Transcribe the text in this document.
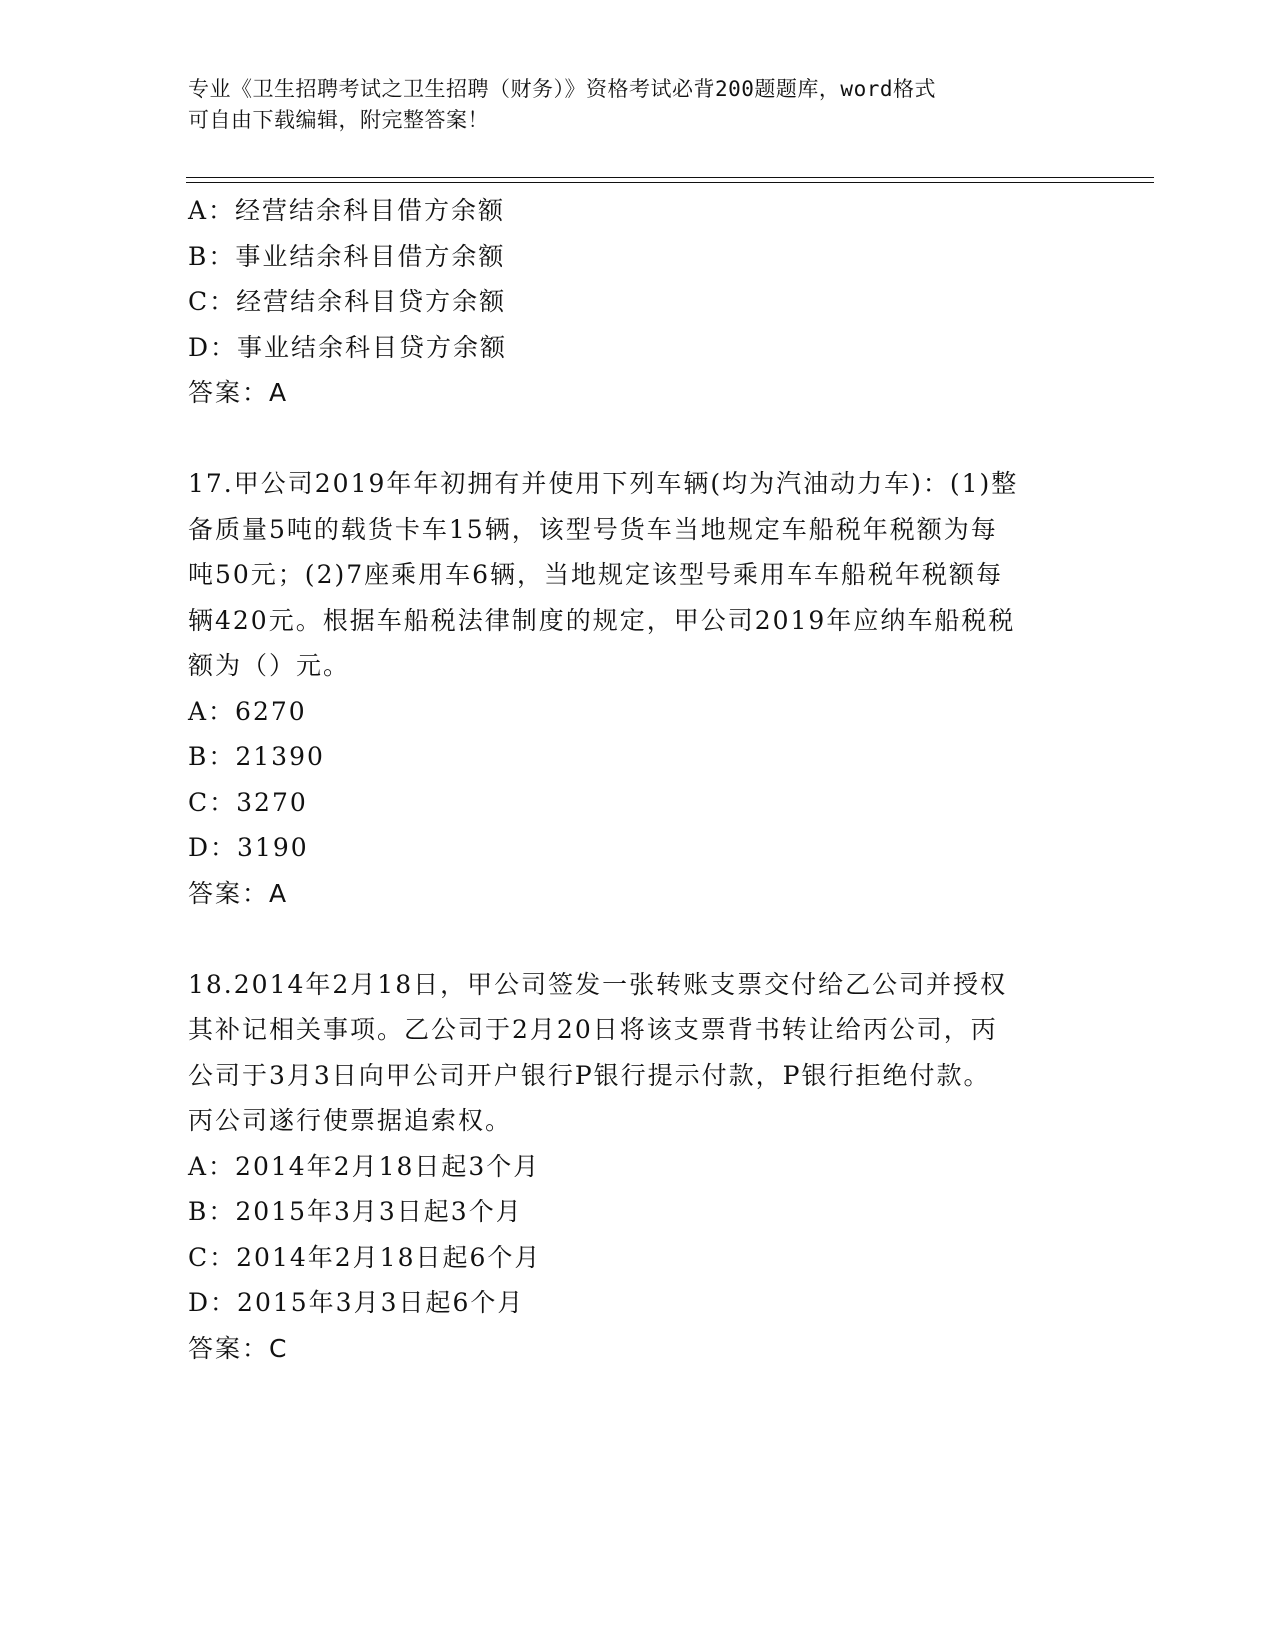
专业《卫生招聘考试之卫生招聘（财务）》资格考试必背200题题库，word格式
可自由下载编辑，附完整答案！
A：经营结余科目借方余额
B：事业结余科目借方余额
C：经营结余科目贷方余额
D：事业结余科目贷方余额
答案：A
17.甲公司2019年年初拥有并使用下列车辆(均为汽油动力车)：(1)整
备质量5吨的载货卡车15辆，该型号货车当地规定车船税年税额为每
吨50元；(2)7座乘用车6辆，当地规定该型号乘用车车船税年税额每
辆420元。根据车船税法律制度的规定，甲公司2019年应纳车船税税
额为（）元。
A：6270
B：21390
C：3270
D：3190
答案：A
18.2014年2月18日，甲公司签发一张转账支票交付给乙公司并授权
其补记相关事项。乙公司于2月20日将该支票背书转让给丙公司，丙
公司于3月3日向甲公司开户银行P银行提示付款，P银行拒绝付款。
丙公司遂行使票据追索权。
A：2014年2月18日起3个月
B：2015年3月3日起3个月
C：2014年2月18日起6个月
D：2015年3月3日起6个月
答案：C
